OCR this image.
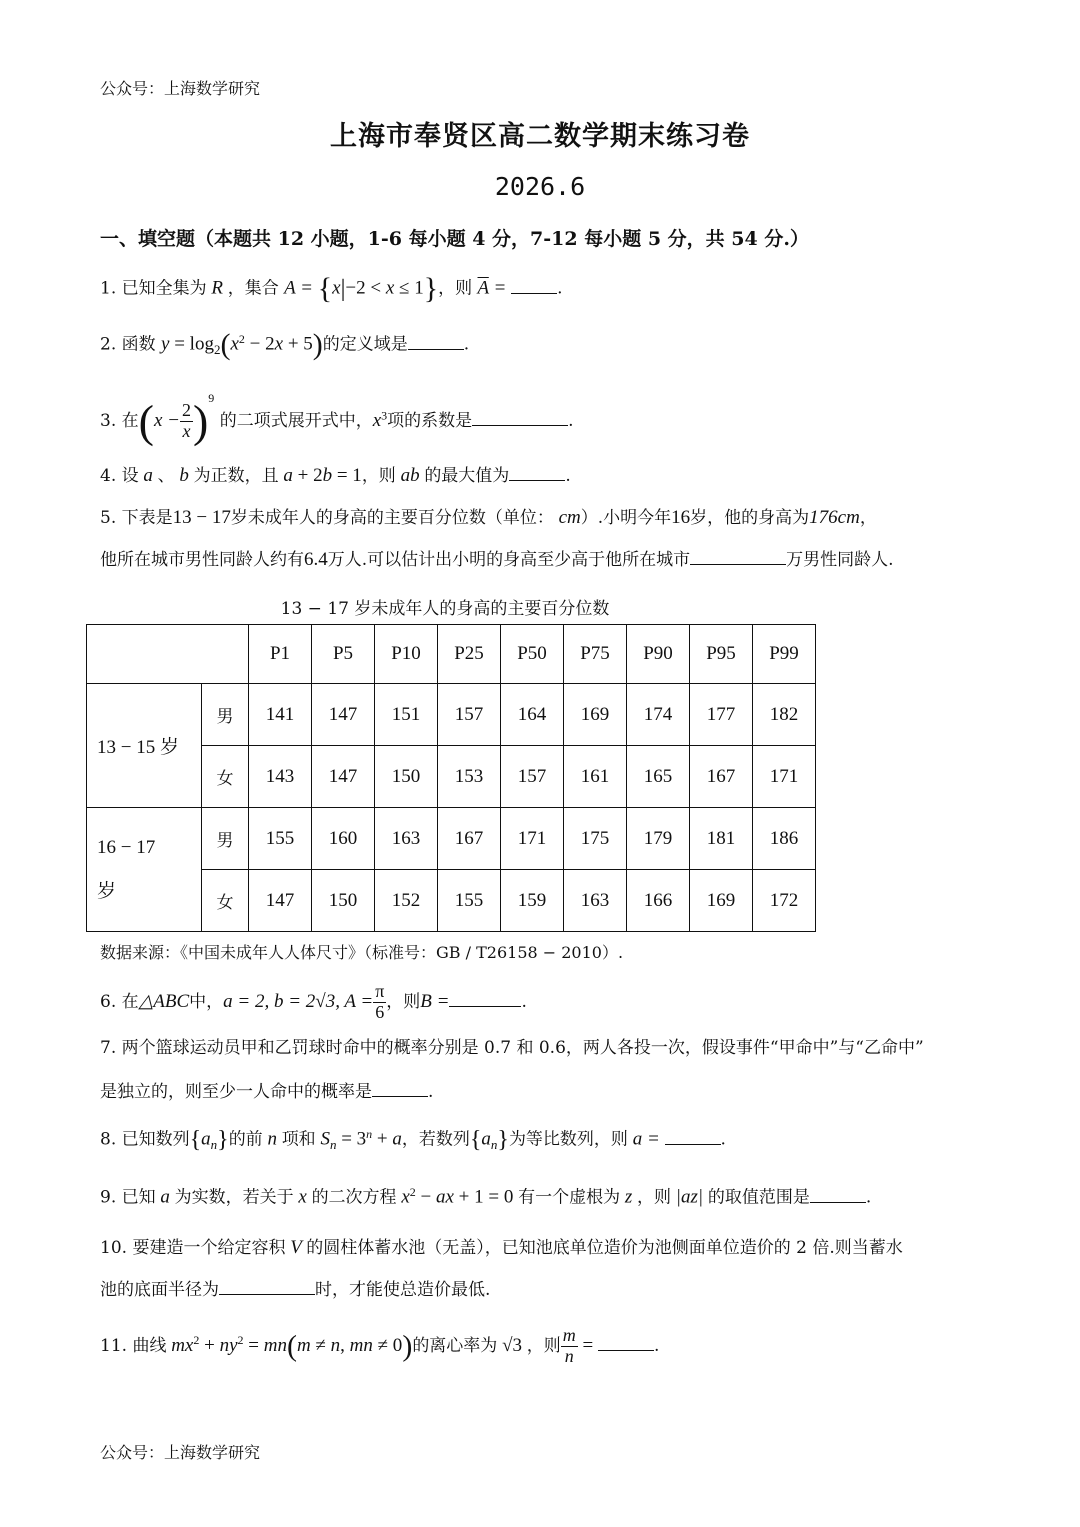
公众号：上海数学研究
上海市奉贤区高二数学期末练习卷
2026.6
一、填空题（本题共 12 小题，1-6 每小题 4 分，7-12 每小题 5 分，共 54 分.）
1. 已知全集为 R ，集合 A = {x|−2 < x ≤ 1}，则 $\overline{A}$ =	.
2. 函数 $y = \log_2(x^2 - 2x + 5)$的定义域是	.
3. 在$(x - \frac{2}{x} )^9$ 的二项式展开式中，$x^3$项的系数是	.
4. 设 a 、 b 为正数，且 a + 2b = 1，则 ab 的最大值为	.
5. 下表是13 − 17岁未成年人的身高的主要百分位数（单位： cm）.小明今年16岁，他的身高为176cm，
他所在城市男性同龄人约有6.4万人.可以估计出小明的身高至少高于他所在城市	万男性同龄人.
13 − 17 岁未成年人的身高的主要百分位数
		P1	P5	P10	P25	P50	P75	P90	P95	P99
13 − 15 岁	男	141	147	151	157	164	169	174	177	182
	女	143	147	150	153	157	161	165	167	171
16 − 17
岁	男	155	160	163	167	171	175	179	181	186
	女	147	150	152	155	159	163	166	169	172
数据来源：《中国未成年人人体尺寸》（标准号：GB / T26158 − 2010）.
6. 在△ABC中，a = 2, b = 2√3, $A = \frac{\pi}{6}$ ，则B =	.
7. 两个篮球运动员甲和乙罚球时命中的概率分别是 0.7 和 0.6，两人各投一次，假设事件“甲命中”与“乙命中”
是独立的，则至少一人命中的概率是	.
8. 已知数列$\{a_n\}$的前 n 项和 $S_n = 3^n + a$，若数列$\{a_n\}$为等比数列，则 a =	.
9. 已知 a 为实数，若关于 x 的二次方程 $x^2$ − ax + 1 = 0 有一个虚根为 z ，则 |az| 的取值范围是	.
10. 要建造一个给定容积 V 的圆柱体蓄水池（无盖），已知池底单位造价为池侧面单位造价的 2 倍.则当蓄水
池的底面半径为	时，才能使总造价最低.
11. 曲线 $mx^2 + ny^2 = mn(m \ne n$, mn ≠ 0)的离心率为 √3 ，则 $\frac{m}{n}$ =	.
公众号：上海数学研究
